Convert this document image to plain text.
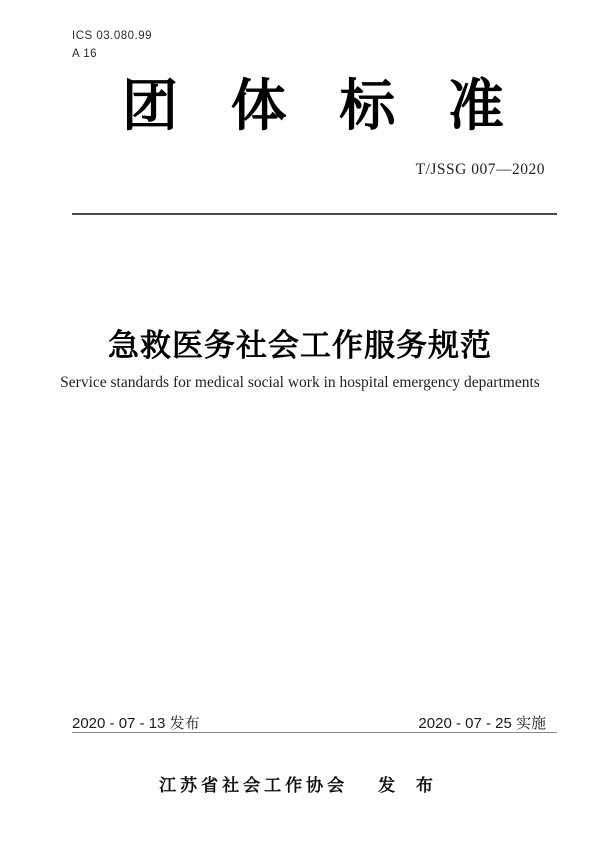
ICS 03.080.99
A 16
团 体 标 准
T/JSSG 007—2020
急救医务社会工作服务规范
Service standards for medical social work in hospital emergency departments
2020 - 07 - 13 发布	2020 - 07 - 25 实施
江苏省社会工作协会 发 布
